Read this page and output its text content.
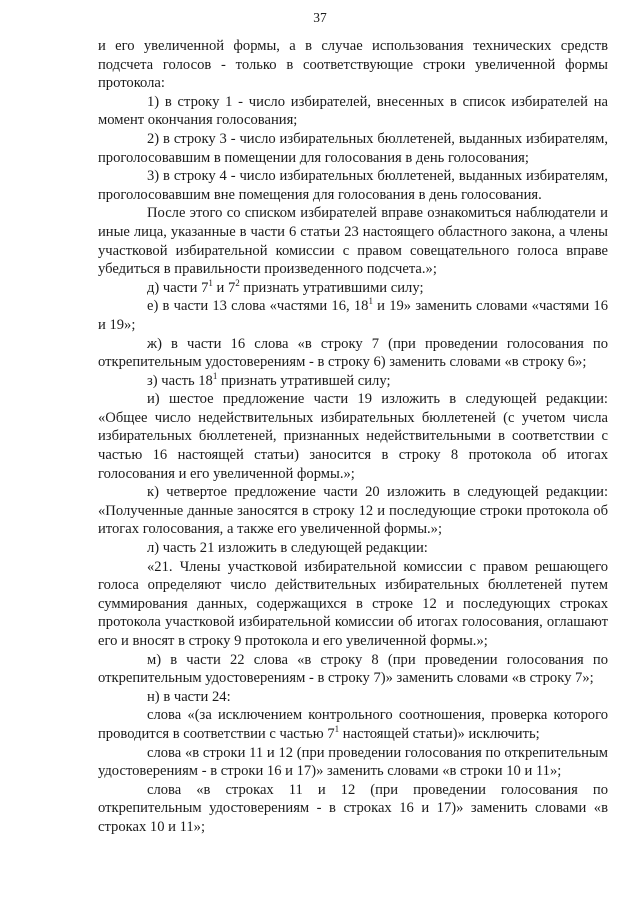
37

и его увеличенной формы, а в случае использования технических средств подсчета голосов - только в соответствующие строки увеличенной формы протокола:

1) в строку 1 - число избирателей, внесенных в список избирателей на момент окончания голосования;

2) в строку 3 - число избирательных бюллетеней, выданных избирателям, проголосовавшим в помещении для голосования в день голосования;

3) в строку 4 - число избирательных бюллетеней, выданных избирателям, проголосовавшим вне помещения для голосования в день голосования.

После этого со списком избирателей вправе ознакомиться наблюдатели и иные лица, указанные в части 6 статьи 23 настоящего областного закона, а члены участковой избирательной комиссии с правом совещательного голоса вправе убедиться в правильности произведенного подсчета.»;

д) части $7^1$ и $7^2$ признать утратившими силу;

е) в части 13 слова «частями 16, $18^1$ и 19» заменить словами «частями 16 и 19»;

ж) в части 16 слова «в строку 7 (при проведении голосования по открепительным удостоверениям - в строку 6) заменить словами «в строку 6»;

з) часть $18^1$ признать утратившей силу;

и) шестое предложение части 19 изложить в следующей редакции: «Общее число недействительных избирательных бюллетеней (с учетом числа избирательных бюллетеней, признанных недействительными в соответствии с частью 16 настоящей статьи) заносится в строку 8 протокола об итогах голосования и его увеличенной формы.»;

к) четвертое предложение части 20 изложить в следующей редакции: «Полученные данные заносятся в строку 12 и последующие строки протокола об итогах голосования, а также его увеличенной формы.»;

л) часть 21 изложить в следующей редакции:

«21. Члены участковой избирательной комиссии с правом решающего голоса определяют число действительных избирательных бюллетеней путем суммирования данных, содержащихся в строке 12 и последующих строках протокола участковой избирательной комиссии об итогах голосования, оглашают его и вносят в строку 9 протокола и его увеличенной формы.»;

м) в части 22 слова «в строку 8 (при проведении голосования по открепительным удостоверениям - в строку 7)» заменить словами «в строку 7»;

н) в части 24:

слова «(за исключением контрольного соотношения, проверка которого проводится в соответствии с частью $7^1$ настоящей статьи)» исключить;

слова «в строки 11 и 12 (при проведении голосования по открепительным удостоверениям - в строки 16 и 17)» заменить словами «в строки 10 и 11»;

слова «в строках 11 и 12 (при проведении голосования по открепительным удостоверениям - в строках 16 и 17)» заменить словами «в строках 10 и 11»;
